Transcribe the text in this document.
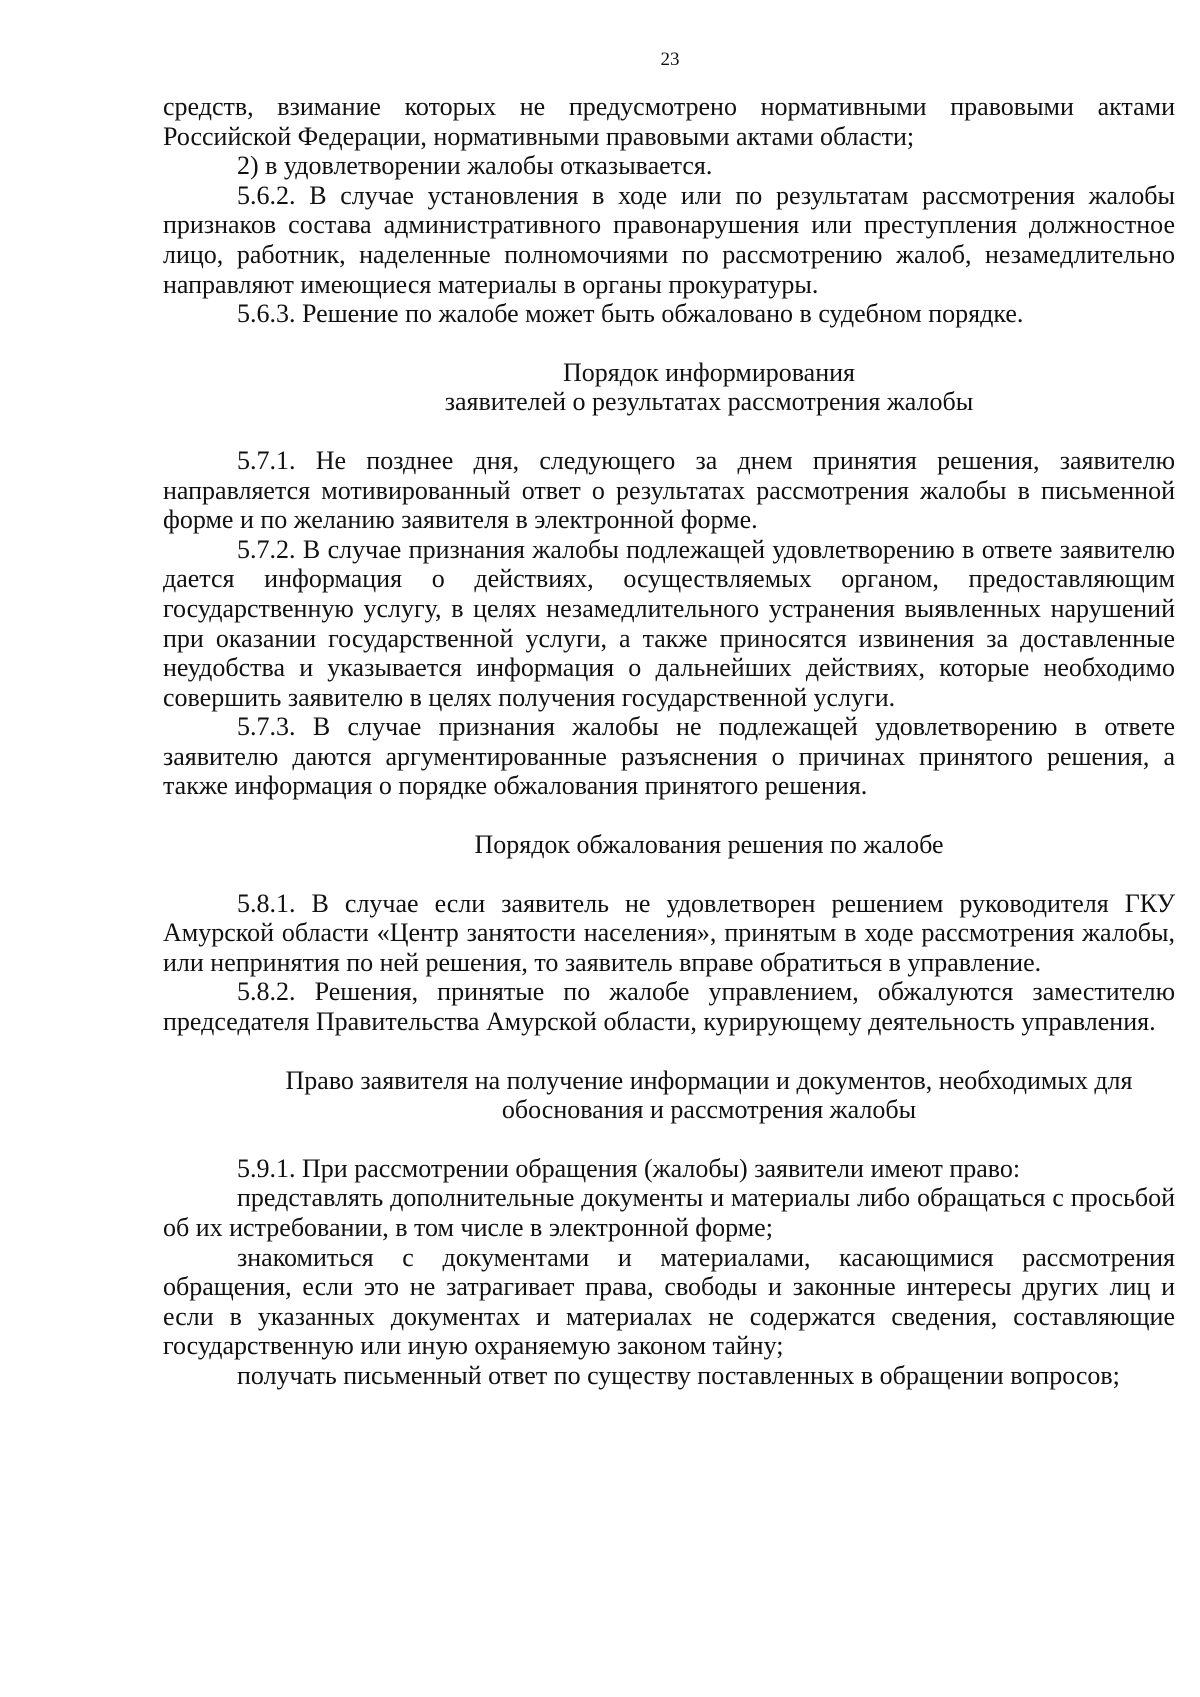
23

средств, взимание которых не предусмотрено нормативными правовыми актами Российской Федерации, нормативными правовыми актами области;

2) в удовлетворении жалобы отказывается.

5.6.2. В случае установления в ходе или по результатам рассмотрения жалобы признаков состава административного правонарушения или преступления должностное лицо, работник, наделенные полномочиями по рассмотрению жалоб, незамедлительно направляют имеющиеся материалы в органы прокуратуры.

5.6.3. Решение по жалобе может быть обжаловано в судебном порядке.

Порядок информирования
заявителей о результатах рассмотрения жалобы

5.7.1. Не позднее дня, следующего за днем принятия решения, заявителю направляется мотивированный ответ о результатах рассмотрения жалобы в письменной форме и по желанию заявителя в электронной форме.

5.7.2. В случае признания жалобы подлежащей удовлетворению в ответе заявителю дается информация о действиях, осуществляемых органом, предоставляющим государственную услугу, в целях незамедлительного устранения выявленных нарушений при оказании государственной услуги, а также приносятся извинения за доставленные неудобства и указывается информация о дальнейших действиях, которые необходимо совершить заявителю в целях получения государственной услуги.

5.7.3. В случае признания жалобы не подлежащей удовлетворению в ответе заявителю даются аргументированные разъяснения о причинах принятого решения, а также информация о порядке обжалования принятого решения.

Порядок обжалования решения по жалобе

5.8.1. В случае если заявитель не удовлетворен решением руководителя ГКУ Амурской области «Центр занятости населения», принятым в ходе рассмотрения жалобы, или непринятия по ней решения, то заявитель вправе обратиться в управление.

5.8.2. Решения, принятые по жалобе управлением, обжалуются заместителю председателя Правительства Амурской области, курирующему деятельность управления.

Право заявителя на получение информации и документов, необходимых для
обоснования и рассмотрения жалобы

5.9.1. При рассмотрении обращения (жалобы) заявители имеют право:

представлять дополнительные документы и материалы либо обращаться с просьбой об их истребовании, в том числе в электронной форме;

знакомиться с документами и материалами, касающимися рассмотрения обращения, если это не затрагивает права, свободы и законные интересы других лиц и если в указанных документах и материалах не содержатся сведения, составляющие государственную или иную охраняемую законом тайну;

получать письменный ответ по существу поставленных в обращении вопросов;
